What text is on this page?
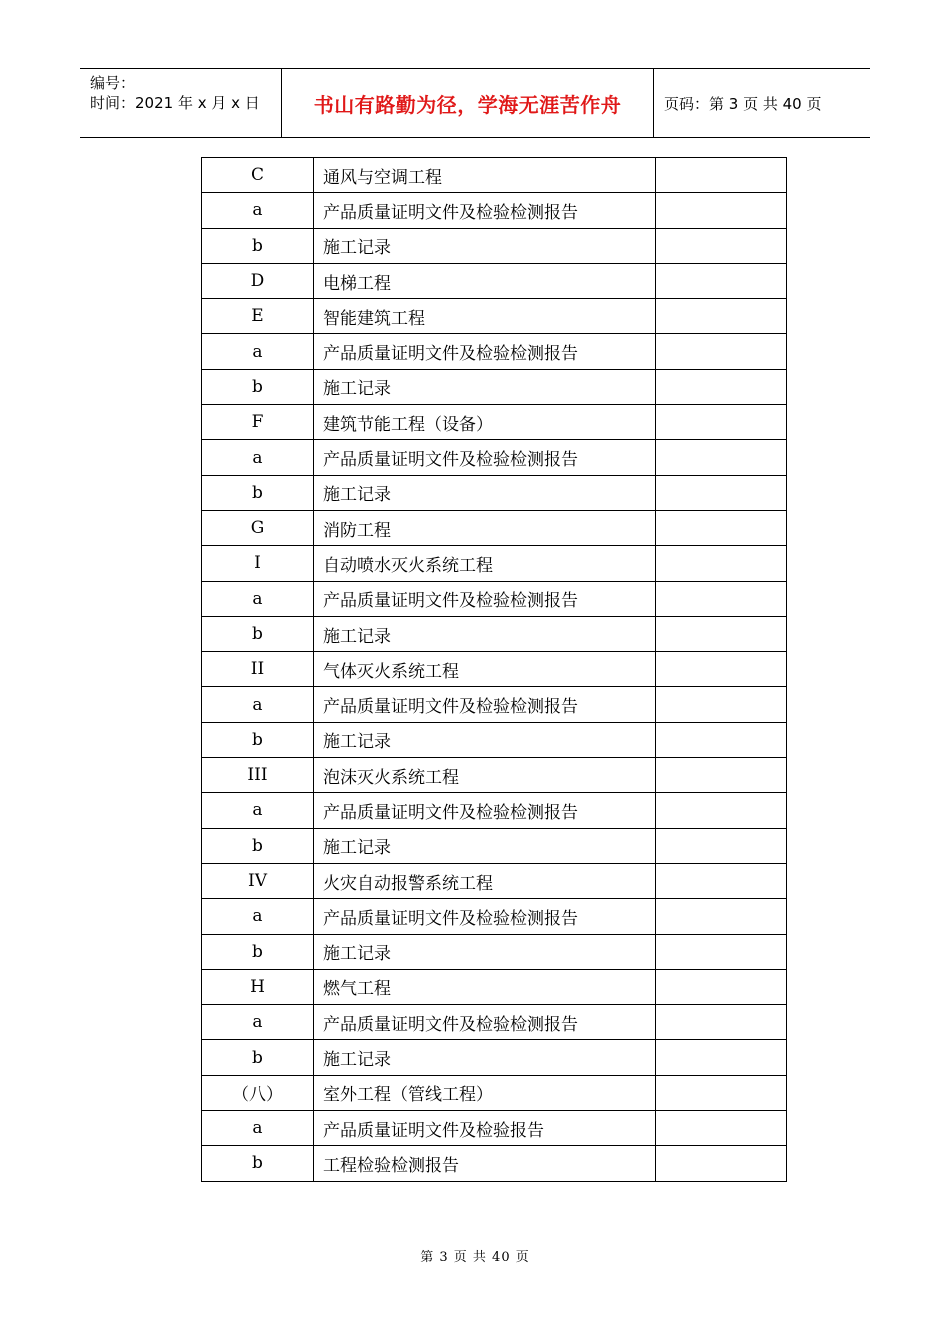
编号：
时间：2021 年 x 月 x 日	书山有路勤为径，学海无涯苦作舟	页码：第 3 页 共 40 页
C	通风与空调工程	
a	产品质量证明文件及检验检测报告	
b	施工记录	
D	电梯工程	
E	智能建筑工程	
a	产品质量证明文件及检验检测报告	
b	施工记录	
F	建筑节能工程（设备）	
a	产品质量证明文件及检验检测报告	
b	施工记录	
G	消防工程	
I	自动喷水灭火系统工程	
a	产品质量证明文件及检验检测报告	
b	施工记录	
II	气体灭火系统工程	
a	产品质量证明文件及检验检测报告	
b	施工记录	
III	泡沫灭火系统工程	
a	产品质量证明文件及检验检测报告	
b	施工记录	
IV	火灾自动报警系统工程	
a	产品质量证明文件及检验检测报告	
b	施工记录	
H	燃气工程	
a	产品质量证明文件及检验检测报告	
b	施工记录	
（八）	室外工程（管线工程）	
a	产品质量证明文件及检验报告	
b	工程检验检测报告	
第 3 页 共 40 页
